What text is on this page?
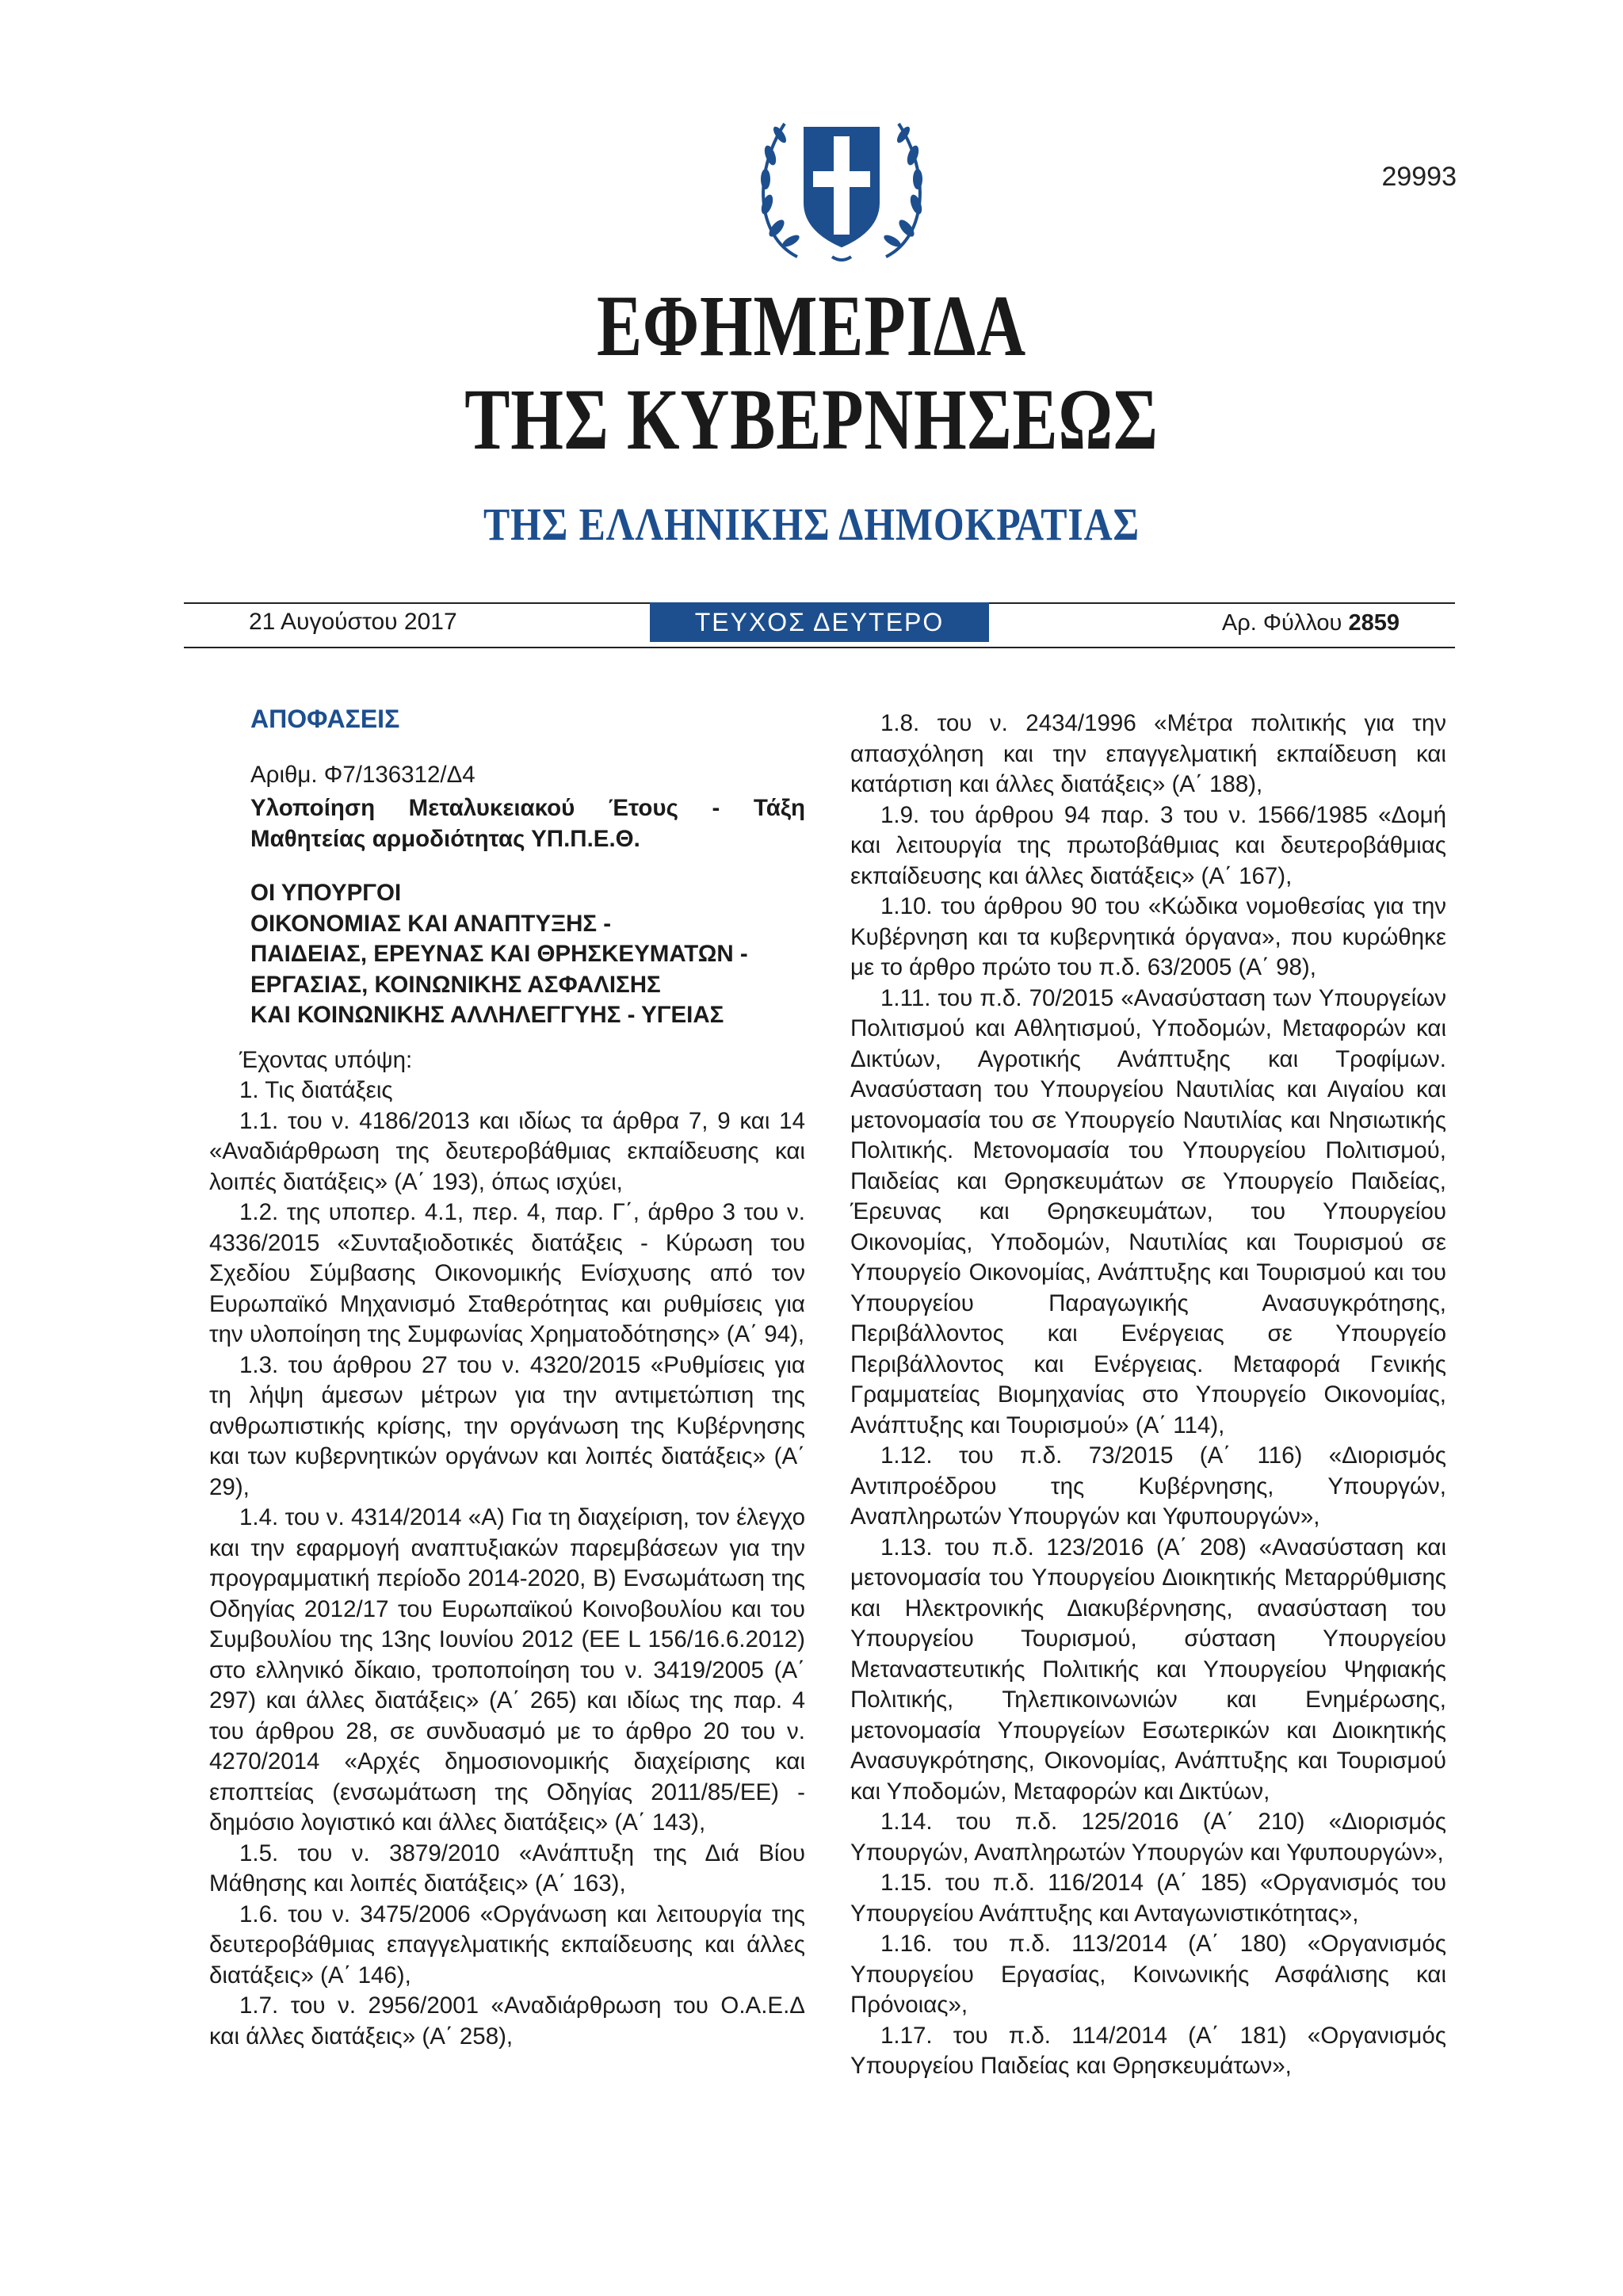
29993
ΕΦΗΜΕΡΙΔΑ
ΤΗΣ ΚΥΒΕΡΝΗΣΕΩΣ
ΤΗΣ ΕΛΛΗΝΙΚΗΣ ΔΗΜΟΚΡΑΤΙΑΣ
21 Αυγούστου 2017	ΤΕΥΧΟΣ ΔΕΥΤΕΡΟ	Αρ. Φύλλου 2859
ΑΠΟΦΑΣΕΙΣ

Αριθμ. Φ7/136312/Δ4

Υλοποίηση Μεταλυκειακού Έτους - Τάξη Μαθητείας αρμοδιότητας ΥΠ.Π.Ε.Θ.

ΟΙ ΥΠΟΥΡΓΟΙ
ΟΙΚΟΝΟΜΙΑΣ ΚΑΙ ΑΝΑΠΤΥΞΗΣ -
ΠΑΙΔΕΙΑΣ, ΕΡΕΥΝΑΣ ΚΑΙ ΘΡΗΣΚΕΥΜΑΤΩΝ -
ΕΡΓΑΣΙΑΣ, ΚΟΙΝΩΝΙΚΗΣ ΑΣΦΑΛΙΣΗΣ
ΚΑΙ ΚΟΙΝΩΝΙΚΗΣ ΑΛΛΗΛΕΓΓΥΗΣ - ΥΓΕΙΑΣ

Έχοντας υπόψη:

1. Τις διατάξεις

1.1. του ν. 4186/2013 και ιδίως τα άρθρα 7, 9 και 14 «Αναδιάρθρωση της δευτεροβάθμιας εκπαίδευσης και λοιπές διατάξεις» (Α΄ 193), όπως ισχύει,

1.2. της υποπερ. 4.1, περ. 4, παρ. Γ΄, άρθρο 3 του ν. 4336/2015 «Συνταξιοδοτικές διατάξεις - Κύρωση του Σχεδίου Σύμβασης Οικονομικής Ενίσχυσης από τον Ευρωπαϊκό Μηχανισμό Σταθερότητας και ρυθμίσεις για την υλοποίηση της Συμφωνίας Χρηματοδότησης» (Α΄ 94),

1.3. του άρθρου 27 του ν. 4320/2015 «Ρυθμίσεις για τη λήψη άμεσων μέτρων για την αντιμετώπιση της ανθρωπιστικής κρίσης, την οργάνωση της Κυβέρνησης και των κυβερνητικών οργάνων και λοιπές διατάξεις» (Α΄ 29),

1.4. του ν. 4314/2014 «Α) Για τη διαχείριση, τον έλεγχο και την εφαρμογή αναπτυξιακών παρεμβάσεων για την προγραμματική περίοδο 2014-2020, Β) Ενσωμάτωση της Οδηγίας 2012/17 του Ευρωπαϊκού Κοινοβουλίου και του Συμβουλίου της 13ης Ιουνίου 2012 (ΕΕ L 156/16.6.2012) στο ελληνικό δίκαιο, τροποποίηση του ν. 3419/2005 (Α΄ 297) και άλλες διατάξεις» (Α΄ 265) και ιδίως της παρ. 4 του άρθρου 28, σε συνδυασμό με το άρθρο 20 του ν. 4270/2014 «Αρχές δημοσιονομικής διαχείρισης και εποπτείας (ενσωμάτωση της Οδηγίας 2011/85/ΕΕ) - δημόσιο λογιστικό και άλλες διατάξεις» (Α΄ 143),

1.5. του ν. 3879/2010 «Ανάπτυξη της Διά Βίου Μάθησης και λοιπές διατάξεις» (Α΄ 163),

1.6. του ν. 3475/2006 «Οργάνωση και λειτουργία της δευτεροβάθμιας επαγγελματικής εκπαίδευσης και άλλες διατάξεις» (Α΄ 146),

1.7. του ν. 2956/2001 «Αναδιάρθρωση του Ο.Α.Ε.Δ και άλλες διατάξεις» (Α΄ 258),

1.8. του ν. 2434/1996 «Μέτρα πολιτικής για την απασχόληση και την επαγγελματική εκπαίδευση και κατάρτιση και άλλες διατάξεις» (Α΄ 188),

1.9. του άρθρου 94 παρ. 3 του ν. 1566/1985 «Δομή και λειτουργία της πρωτοβάθμιας και δευτεροβάθμιας εκπαίδευσης και άλλες διατάξεις» (Α΄ 167),

1.10. του άρθρου 90 του «Κώδικα νομοθεσίας για την Κυβέρνηση και τα κυβερνητικά όργανα», που κυρώθηκε με το άρθρο πρώτο του π.δ. 63/2005 (Α΄ 98),

1.11. του π.δ. 70/2015 «Ανασύσταση των Υπουργείων Πολιτισμού και Αθλητισμού, Υποδομών, Μεταφορών και Δικτύων, Αγροτικής Ανάπτυξης και Τροφίμων. Ανασύσταση του Υπουργείου Ναυτιλίας και Αιγαίου και μετονομασία του σε Υπουργείο Ναυτιλίας και Νησιωτικής Πολιτικής. Μετονομασία του Υπουργείου Πολιτισμού, Παιδείας και Θρησκευμάτων σε Υπουργείο Παιδείας, Έρευνας και Θρησκευμάτων, του Υπουργείου Οικονομίας, Υποδομών, Ναυτιλίας και Τουρισμού σε Υπουργείο Οικονομίας, Ανάπτυξης και Τουρισμού και του Υπουργείου Παραγωγικής Ανασυγκρότησης, Περιβάλλοντος και Ενέργειας σε Υπουργείο Περιβάλλοντος και Ενέργειας. Μεταφορά Γενικής Γραμματείας Βιομηχανίας στο Υπουργείο Οικονομίας, Ανάπτυξης και Τουρισμού» (Α΄ 114),

1.12. του π.δ. 73/2015 (Α΄ 116) «Διορισμός Αντιπροέδρου της Κυβέρνησης, Υπουργών, Αναπληρωτών Υπουργών και Υφυπουργών»,

1.13. του π.δ. 123/2016 (Α΄ 208) «Ανασύσταση και μετονομασία του Υπουργείου Διοικητικής Μεταρρύθμισης και Ηλεκτρονικής Διακυβέρνησης, ανασύσταση του Υπουργείου Τουρισμού, σύσταση Υπουργείου Μεταναστευτικής Πολιτικής και Υπουργείου Ψηφιακής Πολιτικής, Τηλεπικοινωνιών και Ενημέρωσης, μετονομασία Υπουργείων Εσωτερικών και Διοικητικής Ανασυγκρότησης, Οικονομίας, Ανάπτυξης και Τουρισμού και Υποδομών, Μεταφορών και Δικτύων,

1.14. του π.δ. 125/2016 (Α΄ 210) «Διορισμός Υπουργών, Αναπληρωτών Υπουργών και Υφυπουργών»,

1.15. του π.δ. 116/2014 (Α΄ 185) «Οργανισμός του Υπουργείου Ανάπτυξης και Ανταγωνιστικότητας»,

1.16. του π.δ. 113/2014 (Α΄ 180) «Οργανισμός Υπουργείου Εργασίας, Κοινωνικής Ασφάλισης και Πρόνοιας»,

1.17. του π.δ. 114/2014 (Α΄ 181) «Οργανισμός Υπουργείου Παιδείας και Θρησκευμάτων»,
